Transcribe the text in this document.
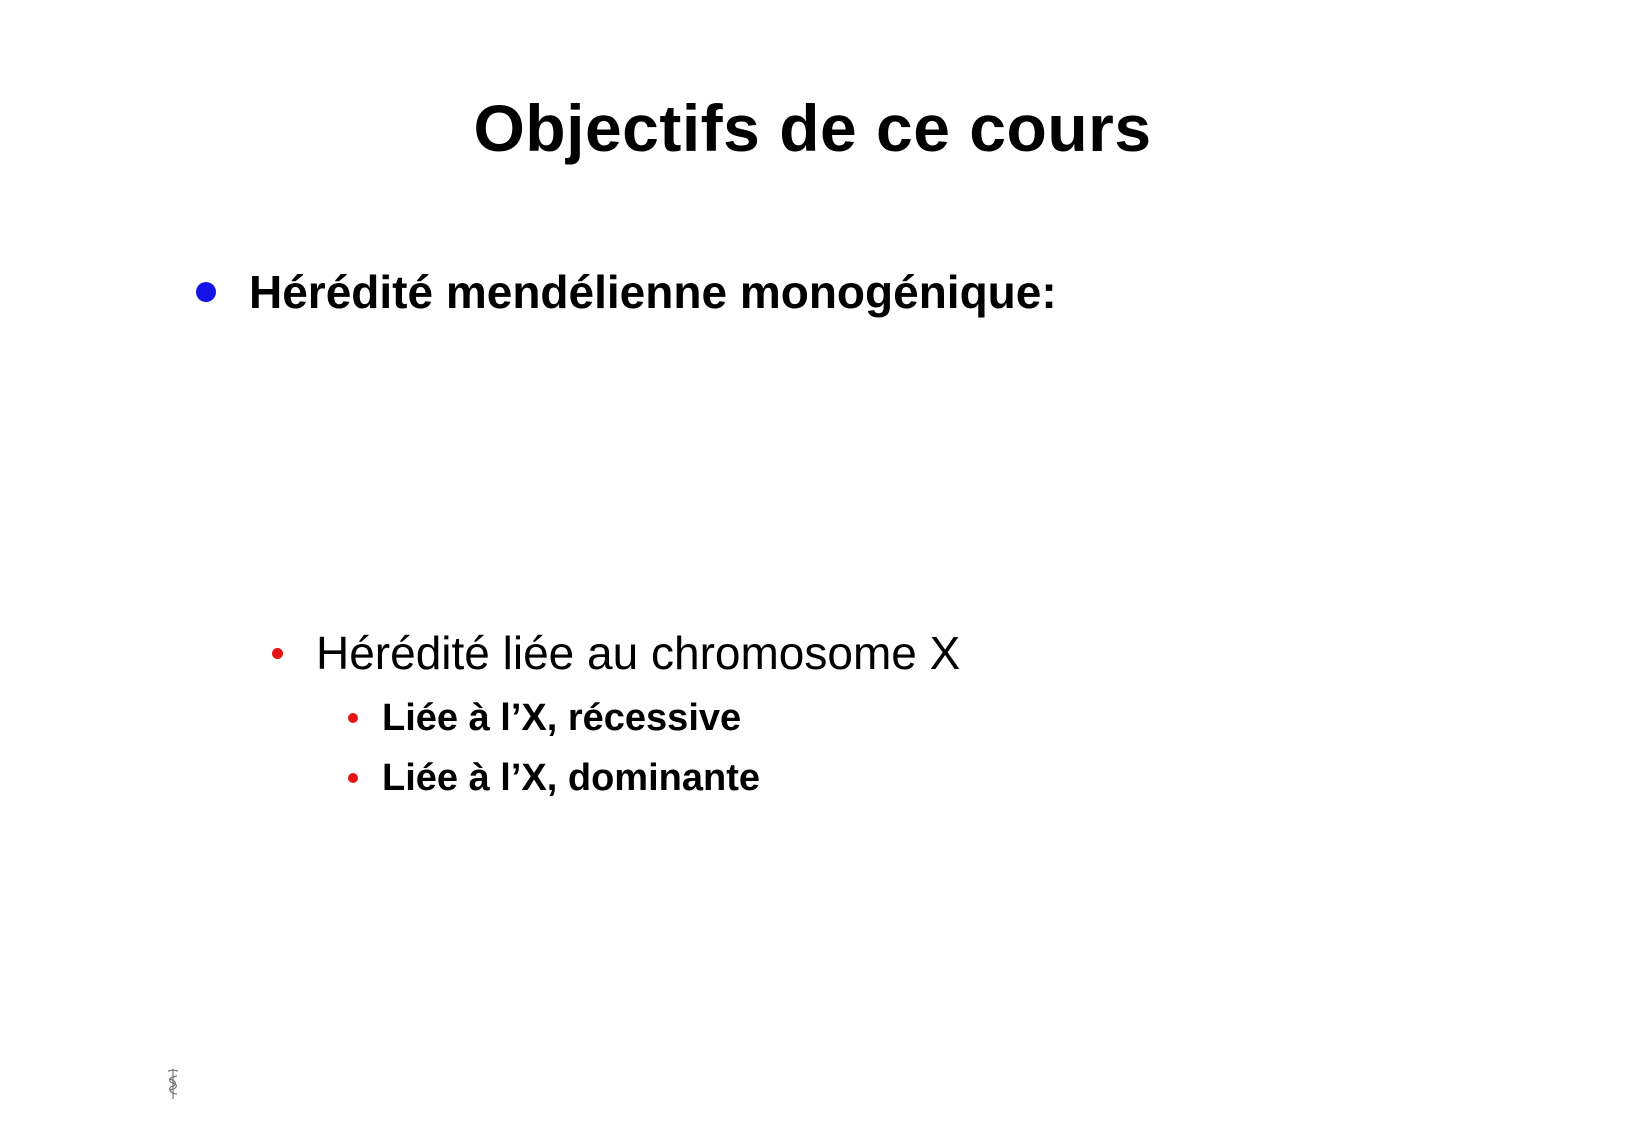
Objectifs de ce cours
Hérédité mendélienne monogénique:
Hérédité liée au chromosome X
Liée à l’X, récessive
Liée à l’X, dominante
